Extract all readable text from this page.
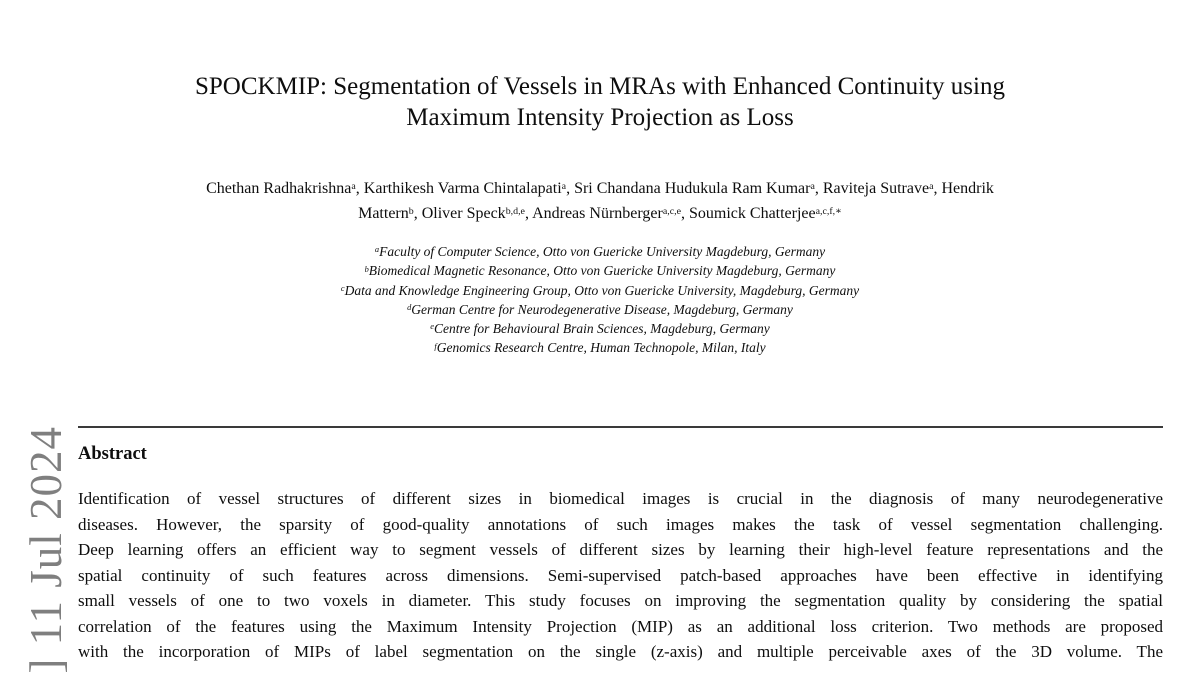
] 11 Jul 2024
SPOCKMIP: Segmentation of Vessels in MRAs with Enhanced Continuity using
Maximum Intensity Projection as Loss
Chethan Radhakrishna$^a$, Karthikesh Varma Chintalapati$^a$, Sri Chandana Hudukula Ram Kumar$^a$, Raviteja Sutrave$^a$, Hendrik
Mattern$^b$, Oliver Speck$^{b,d,e}$, Andreas Nürnberger$^{a,c,e}$, Soumick Chatterjee$^{a,c,f,∗}$
$^a$Faculty of Computer Science, Otto von Guericke University Magdeburg, Germany
$^b$Biomedical Magnetic Resonance, Otto von Guericke University Magdeburg, Germany
$^c$Data and Knowledge Engineering Group, Otto von Guericke University, Magdeburg, Germany
$^d$German Centre for Neurodegenerative Disease, Magdeburg, Germany
$^e$Centre for Behavioural Brain Sciences, Magdeburg, Germany
$^f$Genomics Research Centre, Human Technopole, Milan, Italy
Abstract
Identification of vessel structures of different sizes in biomedical images is crucial in the diagnosis of many neurodegenerative
diseases. However, the sparsity of good-quality annotations of such images makes the task of vessel segmentation challenging.
Deep learning offers an efficient way to segment vessels of different sizes by learning their high-level feature representations and the
spatial continuity of such features across dimensions. Semi-supervised patch-based approaches have been effective in identifying
small vessels of one to two voxels in diameter. This study focuses on improving the segmentation quality by considering the spatial
correlation of the features using the Maximum Intensity Projection (MIP) as an additional loss criterion. Two methods are proposed
with the incorporation of MIPs of label segmentation on the single (z-axis) and multiple perceivable axes of the 3D volume. The
